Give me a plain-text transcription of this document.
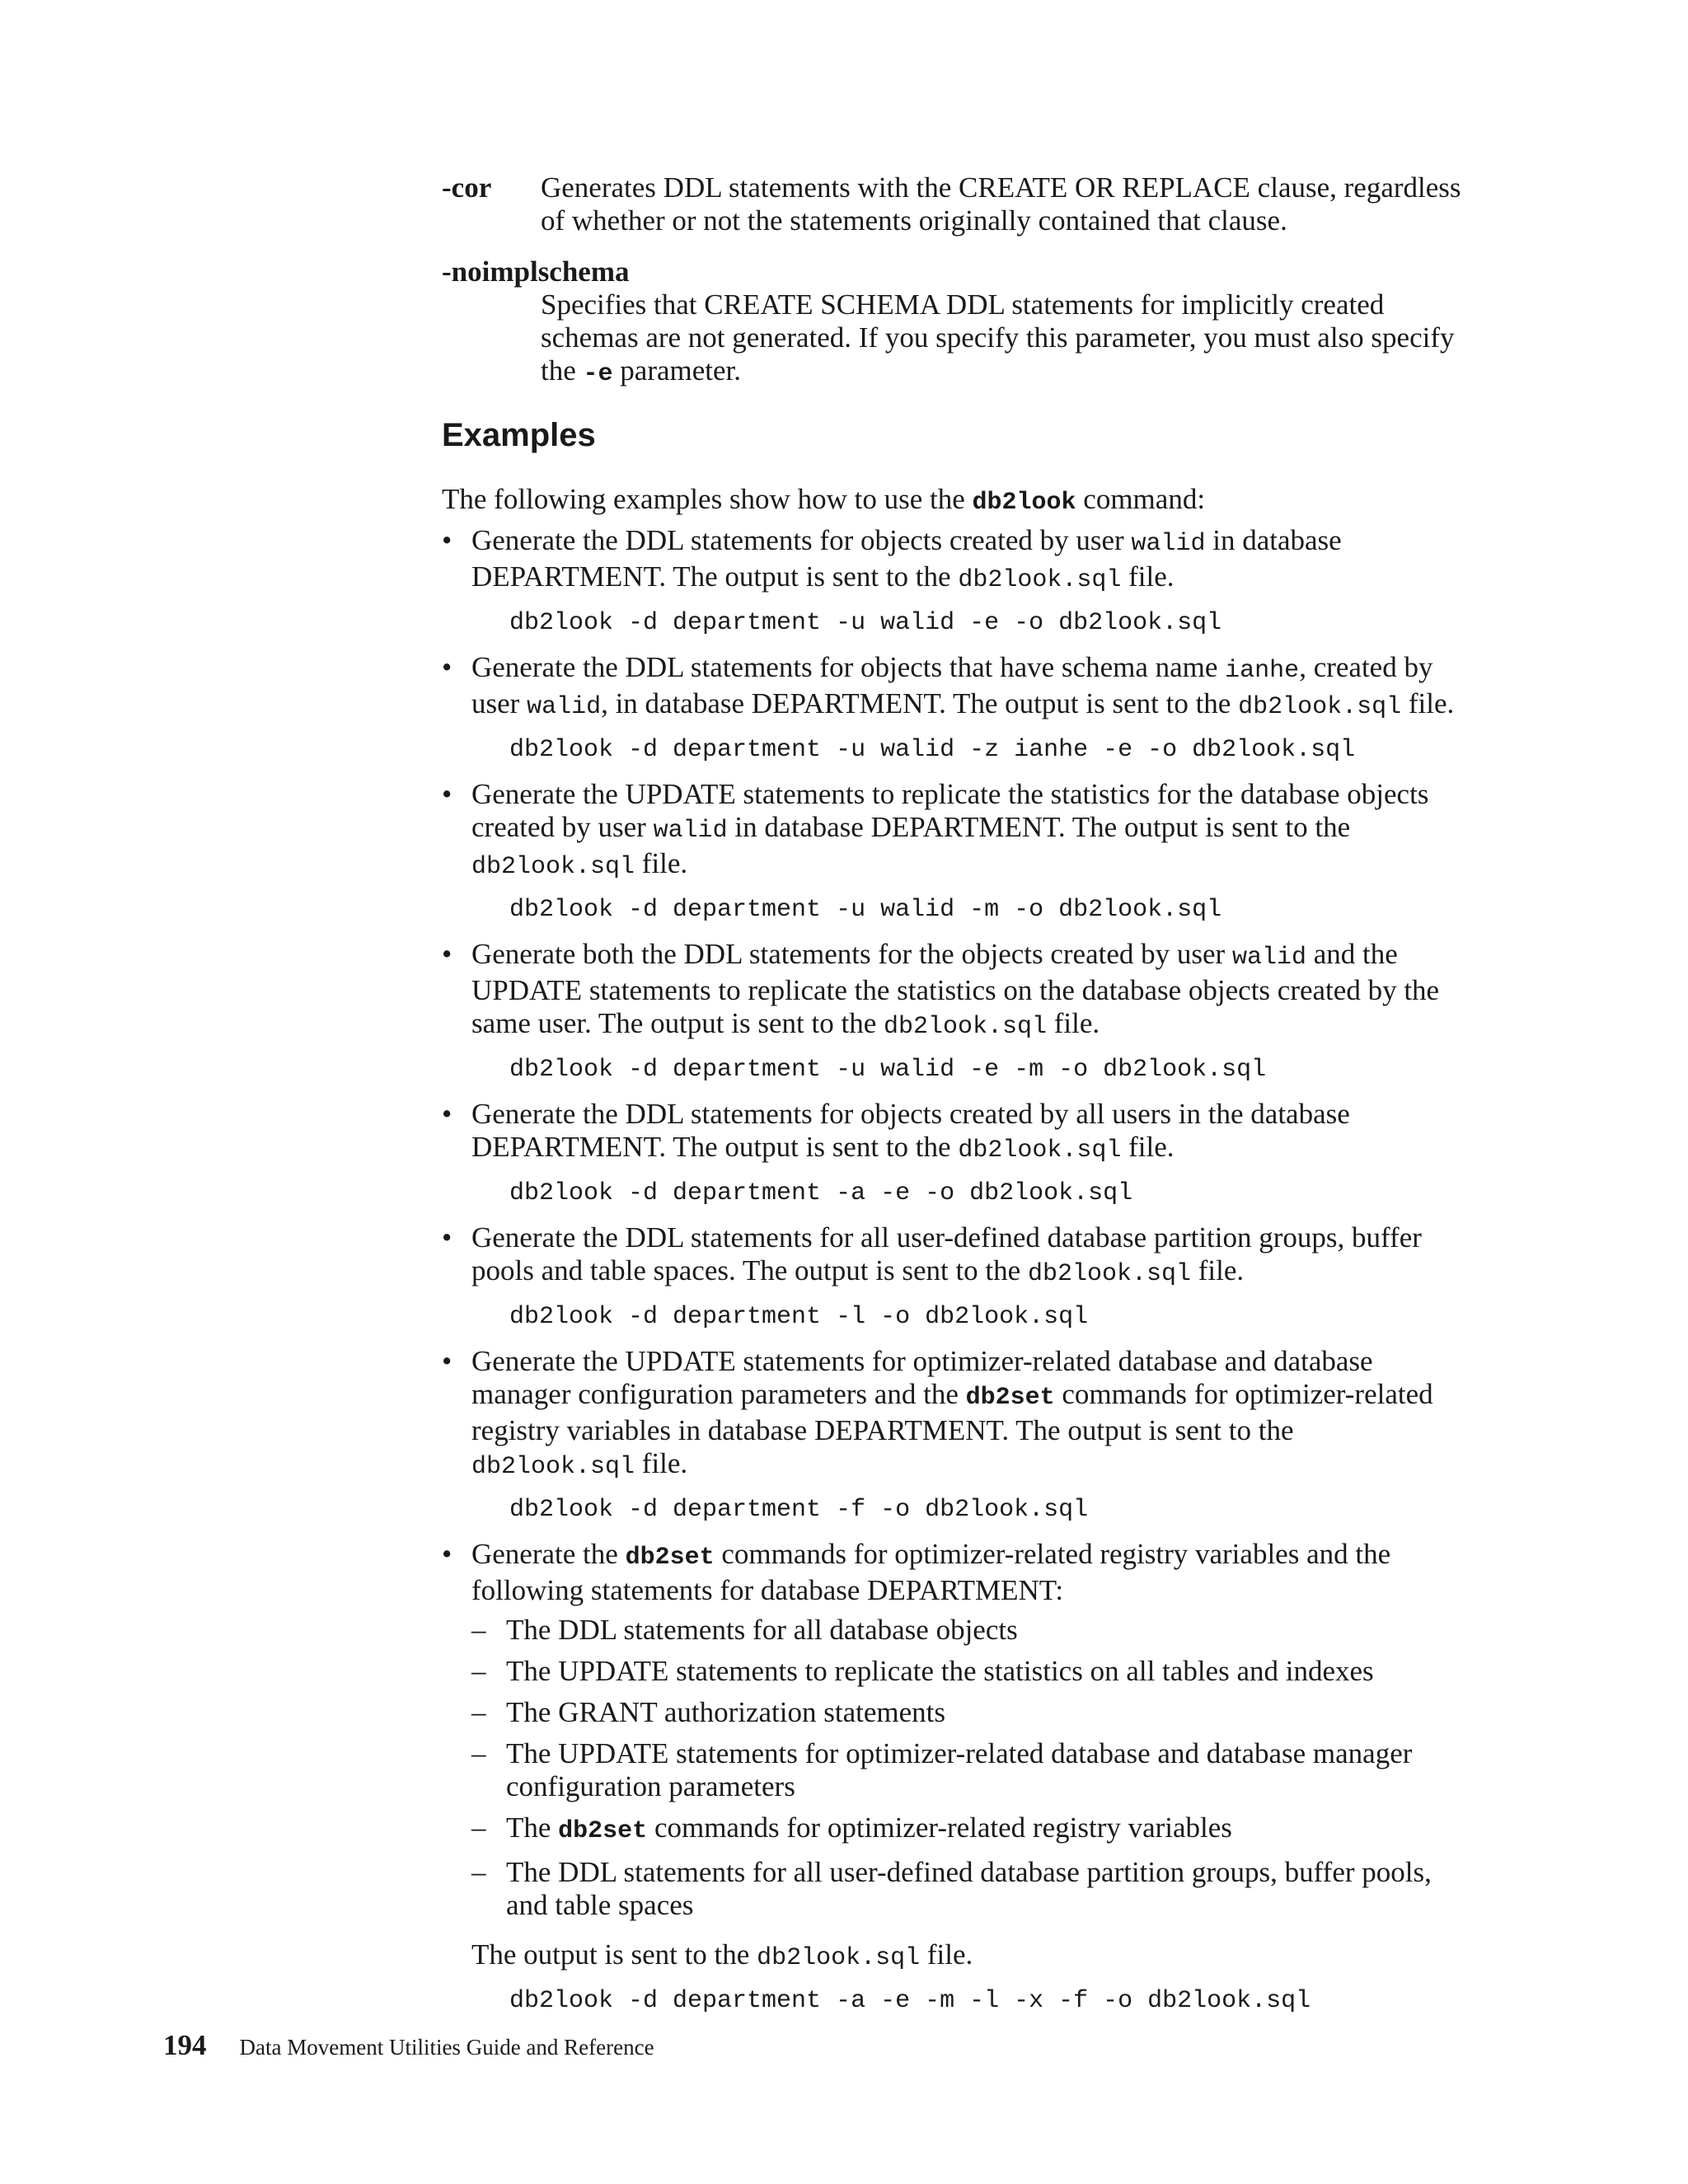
-cor	Generates DDL statements with the CREATE OR REPLACE clause, regardless of whether or not the statements originally contained that clause.
-noimplschema
Specifies that CREATE SCHEMA DDL statements for implicitly created schemas are not generated. If you specify this parameter, you must also specify the -e parameter.
Examples
The following examples show how to use the db2look command:
• Generate the DDL statements for objects created by user walid in database DEPARTMENT. The output is sent to the db2look.sql file.
db2look -d department -u walid -e -o db2look.sql
• Generate the DDL statements for objects that have schema name ianhe, created by user walid, in database DEPARTMENT. The output is sent to the db2look.sql file.
db2look -d department -u walid -z ianhe -e -o db2look.sql
• Generate the UPDATE statements to replicate the statistics for the database objects created by user walid in database DEPARTMENT. The output is sent to the db2look.sql file.
db2look -d department -u walid -m -o db2look.sql
• Generate both the DDL statements for the objects created by user walid and the UPDATE statements to replicate the statistics on the database objects created by the same user. The output is sent to the db2look.sql file.
db2look -d department -u walid -e -m -o db2look.sql
• Generate the DDL statements for objects created by all users in the database DEPARTMENT. The output is sent to the db2look.sql file.
db2look -d department -a -e -o db2look.sql
• Generate the DDL statements for all user-defined database partition groups, buffer pools and table spaces. The output is sent to the db2look.sql file.
db2look -d department -l -o db2look.sql
• Generate the UPDATE statements for optimizer-related database and database manager configuration parameters and the db2set commands for optimizer-related registry variables in database DEPARTMENT. The output is sent to the db2look.sql file.
db2look -d department -f -o db2look.sql
• Generate the db2set commands for optimizer-related registry variables and the following statements for database DEPARTMENT:
– The DDL statements for all database objects
– The UPDATE statements to replicate the statistics on all tables and indexes
– The GRANT authorization statements
– The UPDATE statements for optimizer-related database and database manager configuration parameters
– The db2set commands for optimizer-related registry variables
– The DDL statements for all user-defined database partition groups, buffer pools, and table spaces
The output is sent to the db2look.sql file.
db2look -d department -a -e -m -l -x -f -o db2look.sql
194 Data Movement Utilities Guide and Reference
